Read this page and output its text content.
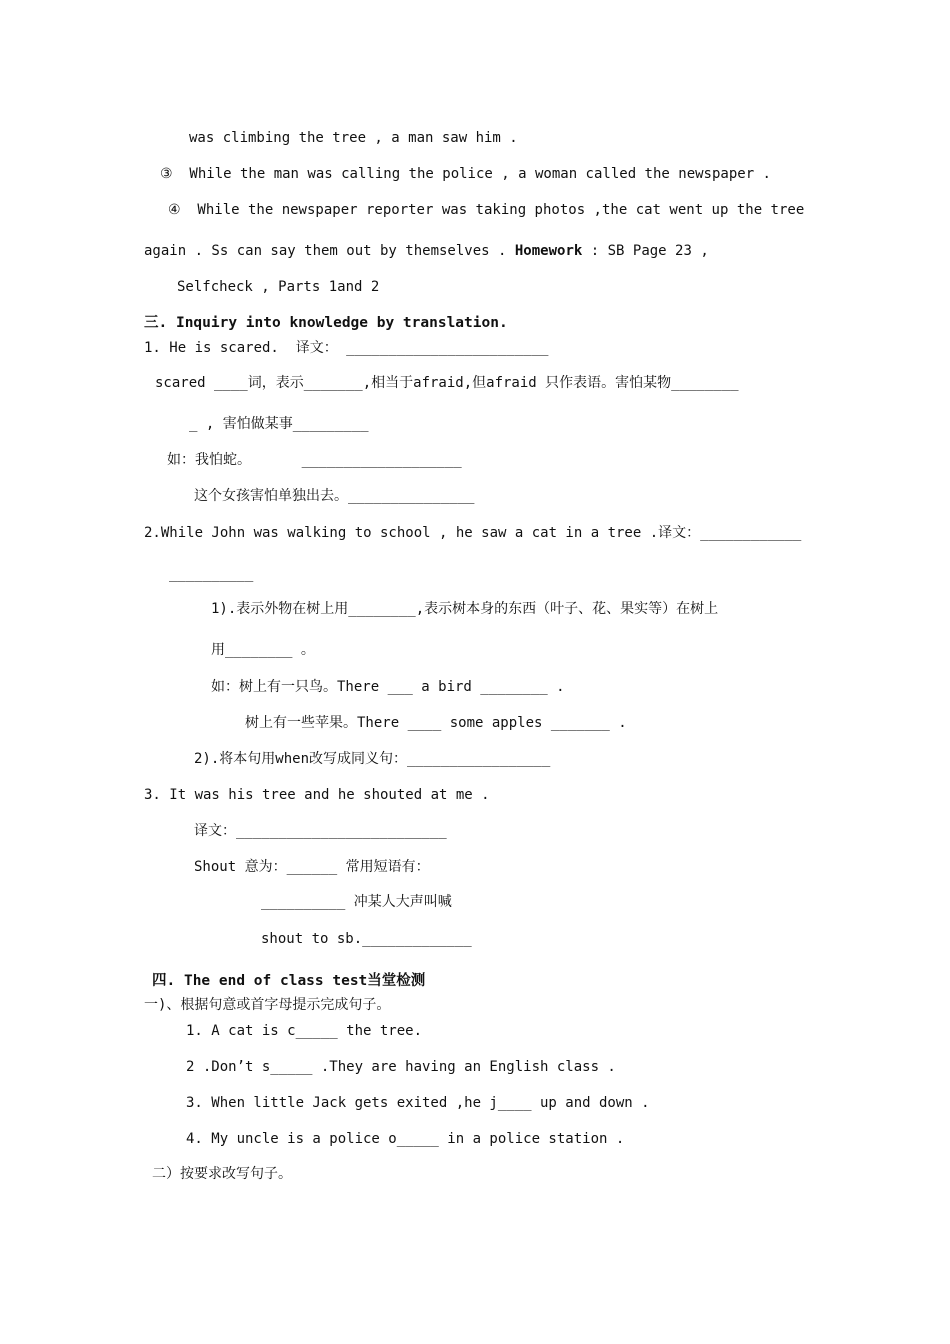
was climbing the tree , a man saw him .
③  While the man was calling the police , a woman called the newspaper .
④  While the newspaper reporter was taking photos ,the cat went up the tree
again . Ss can say them out by themselves . Homework : SB Page 23 ,
Selfcheck , Parts 1and 2
三. Inquiry into knowledge by translation.
1. He is scared.  译文： ________________________
scared ____词，表示_______,相当于afraid,但afraid 只作表语。害怕某物________
_ , 害怕做某事_________
如：我怕蛇。      ___________________
这个女孩害怕单独出去。_______________
2.While John was walking to school , he saw a cat in a tree .译文：____________
__________
1).表示外物在树上用________,表示树本身的东西（叶子、花、果实等）在树上
用________ 。
如：树上有一只鸟。There ___ a bird ________ .
树上有一些苹果。There ____ some apples _______ .
2).将本句用when改写成同义句：_________________
3. It was his tree and he shouted at me .
译文：_________________________
Shout 意为：______ 常用短语有：
__________ 冲某人大声叫喊
shout to sb._____________
四. The end of class test当堂检测
一)、根据句意或首字母提示完成句子。
1. A cat is c_____ the tree.
2 .Don’t s_____ .They are having an English class .
3. When little Jack gets exited ,he j____ up and down .
4. My uncle is a police o_____ in a police station .
二）按要求改写句子。
